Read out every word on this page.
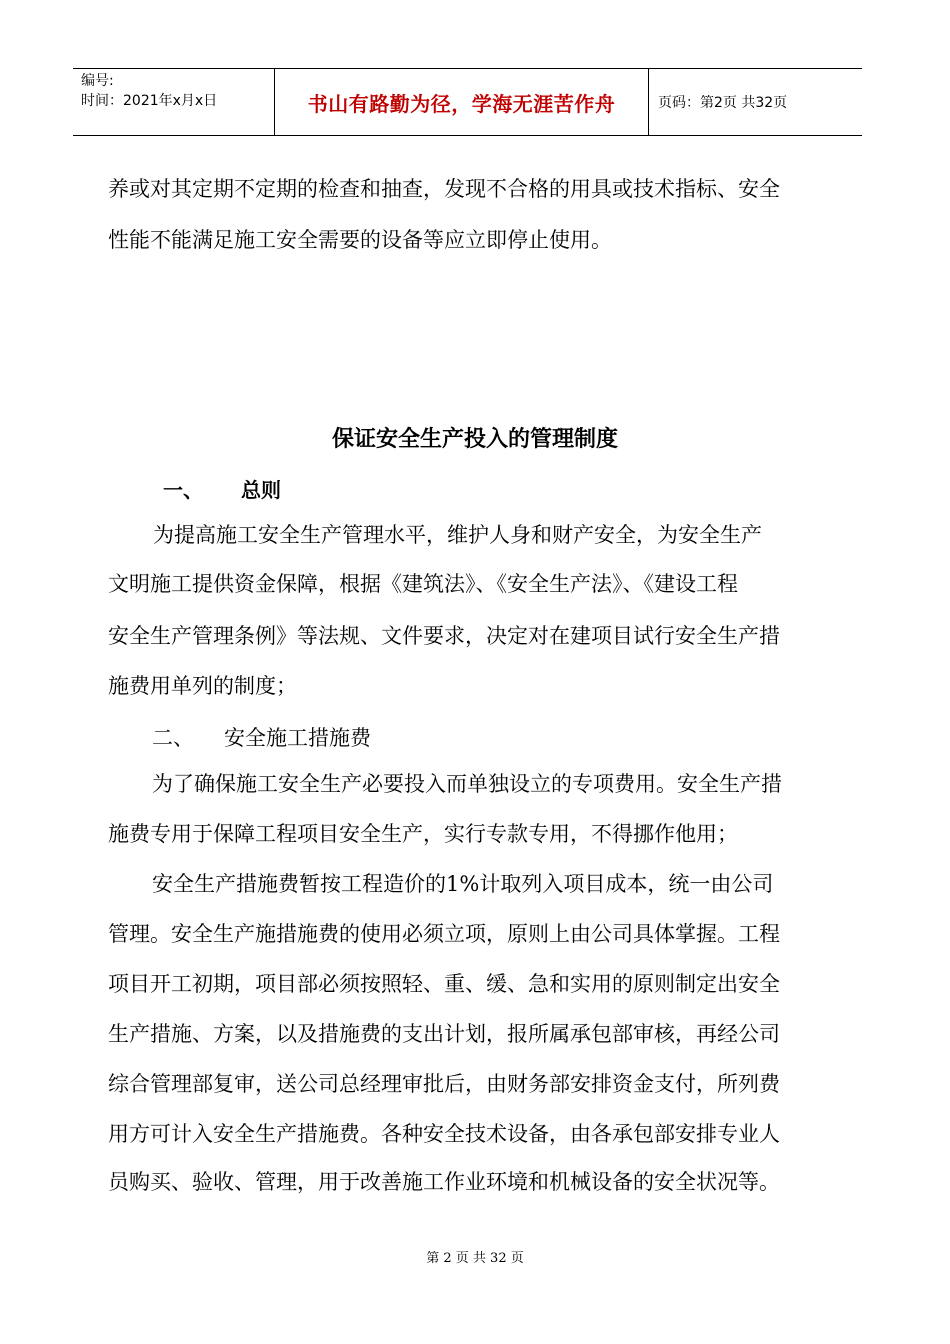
编号:
时间：2021年x月x日	书山有路勤为径，学海无涯苦作舟	页码：第2页 共32页
养或对其定期不定期的检查和抽查，发现不合格的用具或技术指标、安全
性能不能满足施工安全需要的设备等应立即停止使用。
保证安全生产投入的管理制度
一、 总则
为提高施工安全生产管理水平，维护人身和财产安全，为安全生产
文明施工提供资金保障，根据《建筑法》、《安全生产法》、《建设工程
安全生产管理条例》等法规、文件要求，决定对在建项目试行安全生产措
施费用单列的制度；
二、 安全施工措施费
为了确保施工安全生产必要投入而单独设立的专项费用。安全生产措
施费专用于保障工程项目安全生产，实行专款专用，不得挪作他用；
安全生产措施费暂按工程造价的1%计取列入项目成本，统一由公司
管理。安全生产施措施费的使用必须立项，原则上由公司具体掌握。工程
项目开工初期，项目部必须按照轻、重、缓、急和实用的原则制定出安全
生产措施、方案，以及措施费的支出计划，报所属承包部审核，再经公司
综合管理部复审，送公司总经理审批后，由财务部安排资金支付，所列费
用方可计入安全生产措施费。各种安全技术设备，由各承包部安排专业人
员购买、验收、管理，用于改善施工作业环境和机械设备的安全状况等。
第 2 页 共 32 页
